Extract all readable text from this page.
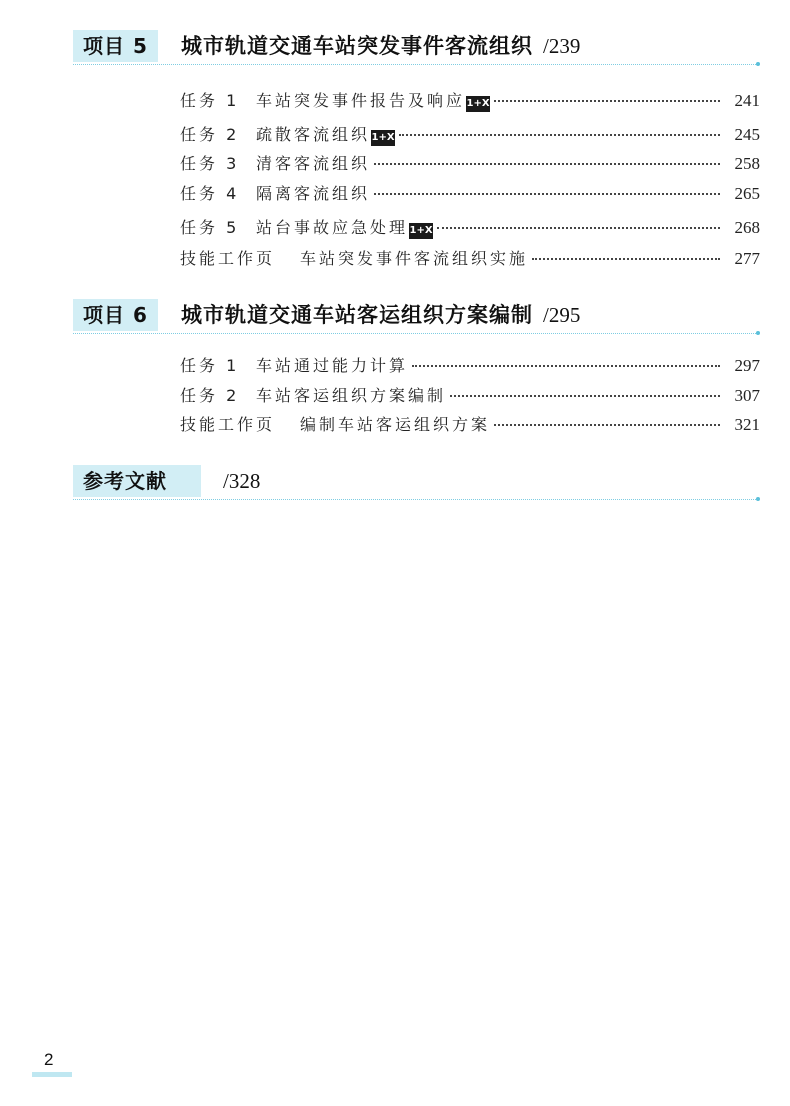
项目 5	城市轨道交通车站突发事件客流组织 /239
任务 1	车站突发事件报告及响应 1+X	241
任务 2	疏散客流组织 1+X	245
任务 3	清客客流组织	258
任务 4	隔离客流组织	265
任务 5	站台事故应急处理 1+X	268
技能工作页	车站突发事件客流组织实施	277
项目 6	城市轨道交通车站客运组织方案编制 /295
任务 1	车站通过能力计算	297
任务 2	车站客运组织方案编制	307
技能工作页	编制车站客运组织方案	321
参考文献	/328
2
